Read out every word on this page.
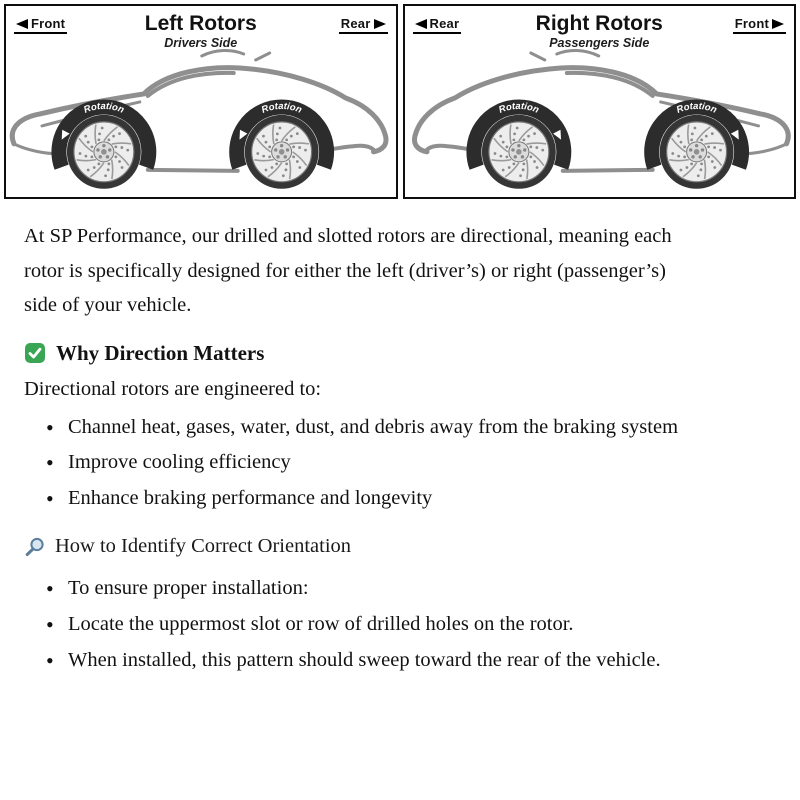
Front	Left Rotors
Drivers Side
Rear
Rotation	Rotation
Rear	Right Rotors
Passengers Side
Front
Rotation
Rotation

At SP Performance, our drilled and slotted rotors are directional, meaning each rotor is specifically designed for either the left (driver’s) or right (passenger’s) side of your vehicle.

Why Direction Matters

Directional rotors are engineered to:

• Channel heat, gases, water, dust, and debris away from the braking system
• Improve cooling efficiency
• Enhance braking performance and longevity
How to Identify Correct Orientation
• To ensure proper installation:
• Locate the uppermost slot or row of drilled holes on the rotor.
• When installed, this pattern should sweep toward the rear of the vehicle.
